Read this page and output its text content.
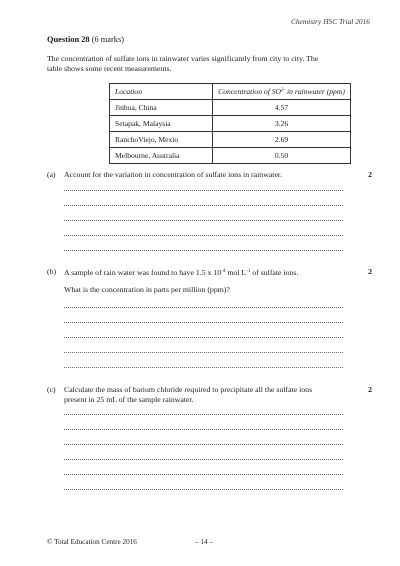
Chemistry HSC Trial 2016
Question 28 (6 marks)
The concentration of sulfate ions in rainwater varies significantly from city to city. The
table shows some recent measurements.
Location	Concentration of $SO^{2-}$ in rainwater (ppm)
Jinhua, China	4.57
Setapak, Malaysia	3.26
RanchoViejo, Mexio	2.69
Melbourne, Australia	0.50
(a) Account for the variation in concentration of sulfate ions in rainwater.	2
(b) A sample of rain water was found to have 1.5 x $10^{-4}$ mol $L^{-1}$ of sulfate ions.	2
What is the concentration in parts per million (ppm)?
(c) Calculate the mass of barium chloride required to precipitate all the sulfate ions
present in 25 mL of the sample rainwater.
2
© Total Education Centre 2016	– 14 –
